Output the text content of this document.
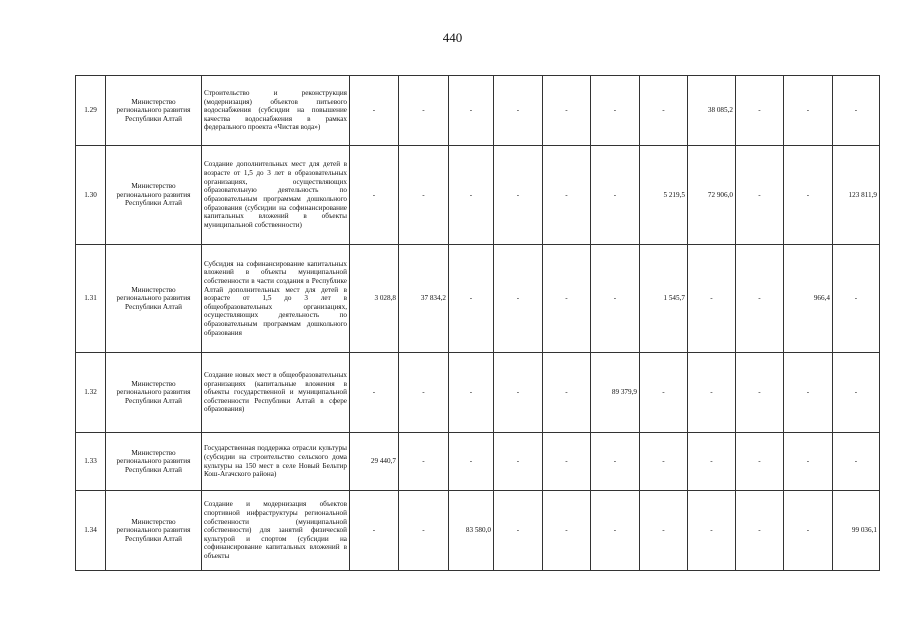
440
1.29	Министерство регионального развития Республики Алтай	Строительство и реконструкция (модернизация) объектов питьевого водоснабжения (субсидии на повышение качества водоснабжения в рамках федерального проекта «Чистая вода»)	-	-	-	-	-	-	-	38 085,2	-	-	-
1.30	Министерство регионального развития Республики Алтай	Создание дополнительных мест для детей в возрасте от 1,5 до 3 лет в образовательных организациях, осуществляющих образовательную деятельность по образовательным программам дошкольного образования (субсидии на софинансирование капитальных вложений в объекты муниципальной собственности)	-	-	-	-	-	-	5 219,5	72 906,0	-	-	123 811,9
1.31	Министерство регионального развития Республики Алтай	Субсидия на софинансирование капитальных вложений в объекты муниципальной собственности в части создания в Республике Алтай дополнительных мест для детей в возрасте от 1,5 до 3 лет в общеобразовательных организациях, осуществляющих деятельность по образовательным программам дошкольного образования	3 028,8	37 834,2	-	-	-	-	1 545,7	-	-	966,4	-
1.32	Министерство регионального развития Республики Алтай	Создание новых мест в общеобразовательных организациях (капитальные вложения в объекты государственной и муниципальной собственности Республики Алтай в сфере образования)	-	-	-	-	-	89 379,9	-	-	-	-	-
1.33	Министерство регионального развития Республики Алтай	Государственная поддержка отрасли культуры (субсидии на строительство сельского дома культуры на 150 мест в селе Новый Бельтир Кош-Агачского района)	29 440,7	-	-	-	-	-	-	-	-	-	-
1.34	Министерство регионального развития Республики Алтай	Создание и модернизация объектов спортивной инфраструктуры региональной собственности (муниципальной собственности) для занятий физической культурой и спортом (субсидии на софинансирование капитальных вложений в объекты	-	-	83 580,0	-	-	-	-	-	-	-	99 036,1
